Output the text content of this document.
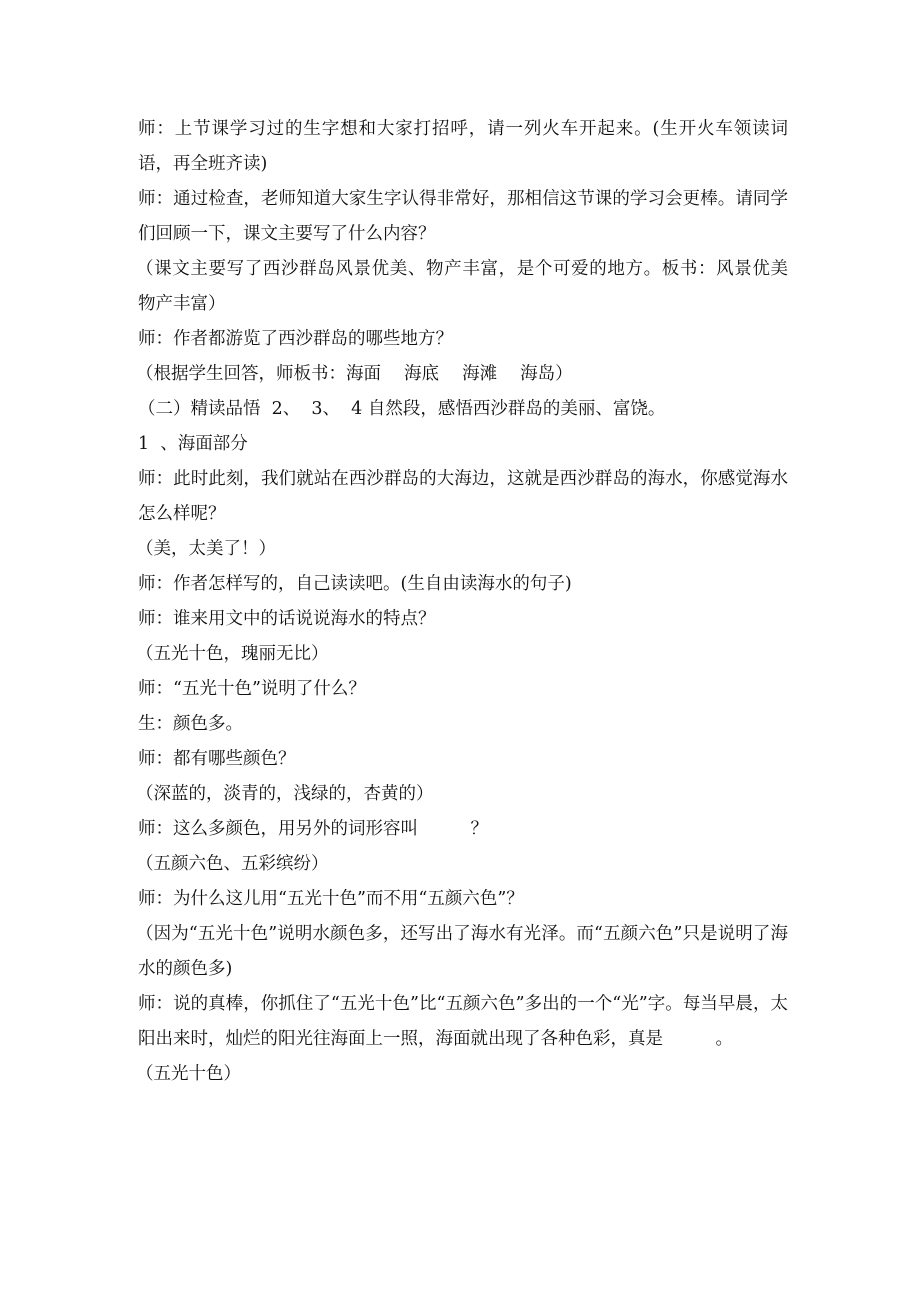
师：上节课学习过的生字想和大家打招呼，请一列火车开起来。(生开火车领读词语，再全班齐读)

师：通过检查，老师知道大家生字认得非常好，那相信这节课的学习会更棒。请同学们回顾一下，课文主要写了什么内容？

（课文主要写了西沙群岛风景优美、物产丰富，是个可爱的地方。板书：风景优美　　物产丰富）

师：作者都游览了西沙群岛的哪些地方？

（根据学生回答，师板书：海面　 海底　 海滩　 海岛）

（二）精读品悟  2、  3、  4 自然段，感悟西沙群岛的美丽、富饶。

1  、海面部分

师：此时此刻，我们就站在西沙群岛的大海边，这就是西沙群岛的海水，你感觉海水怎么样呢？

（美，太美了！）

师：作者怎样写的，自己读读吧。(生自由读海水的句子)

师：谁来用文中的话说说海水的特点？

（五光十色，瑰丽无比）

师：“五光十色”说明了什么？

生：颜色多。

师：都有哪些颜色？

（深蓝的，淡青的，浅绿的，杏黄的）

师：这么多颜色，用另外的词形容叫　　　？

（五颜六色、五彩缤纷）

师：为什么这儿用“五光十色”而不用“五颜六色”？

（因为“五光十色”说明水颜色多，还写出了海水有光泽。而“五颜六色”只是说明了海水的颜色多)

师：说的真棒，你抓住了“五光十色”比“五颜六色”多出的一个“光”字。每当早晨，太阳出来时，灿烂的阳光往海面上一照，海面就出现了各种色彩，真是　　　。

（五光十色）
